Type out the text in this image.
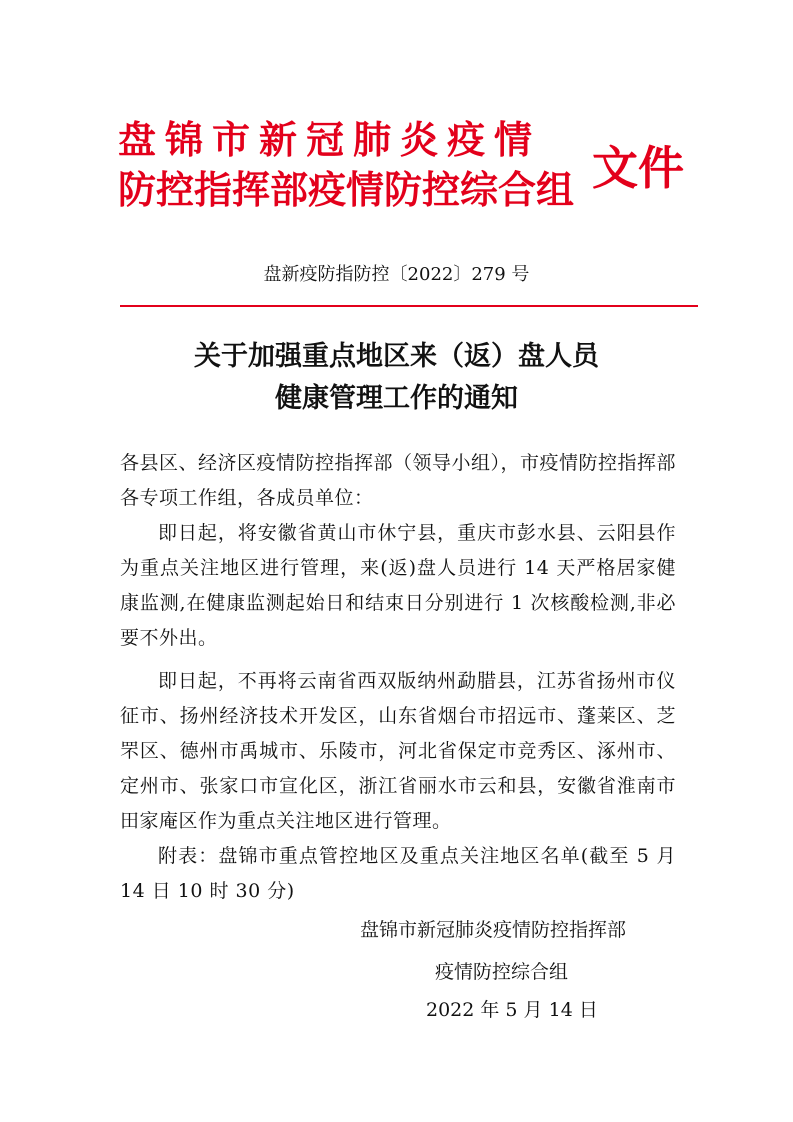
盘锦市新冠肺炎疫情
防控指挥部疫情防控综合组 文件
盘新疫防指防控〔2022〕279 号
关于加强重点地区来（返）盘人员
健康管理工作的通知

各县区、经济区疫情防控指挥部（领导小组），市疫情防控指挥部各专项工作组，各成员单位：

即日起，将安徽省黄山市休宁县，重庆市彭水县、云阳县作为重点关注地区进行管理，来(返)盘人员进行 14 天严格居家健康监测,在健康监测起始日和结束日分别进行 1 次核酸检测,非必要不外出。

即日起，不再将云南省西双版纳州勐腊县，江苏省扬州市仪征市、扬州经济技术开发区，山东省烟台市招远市、蓬莱区、芝罘区、德州市禹城市、乐陵市，河北省保定市竞秀区、涿州市、定州市、张家口市宣化区，浙江省丽水市云和县，安徽省淮南市田家庵区作为重点关注地区进行管理。

附表：盘锦市重点管控地区及重点关注地区名单(截至 5 月 14 日 10 时 30 分)

盘锦市新冠肺炎疫情防控指挥部
疫情防控综合组
2022 年 5 月 14 日
